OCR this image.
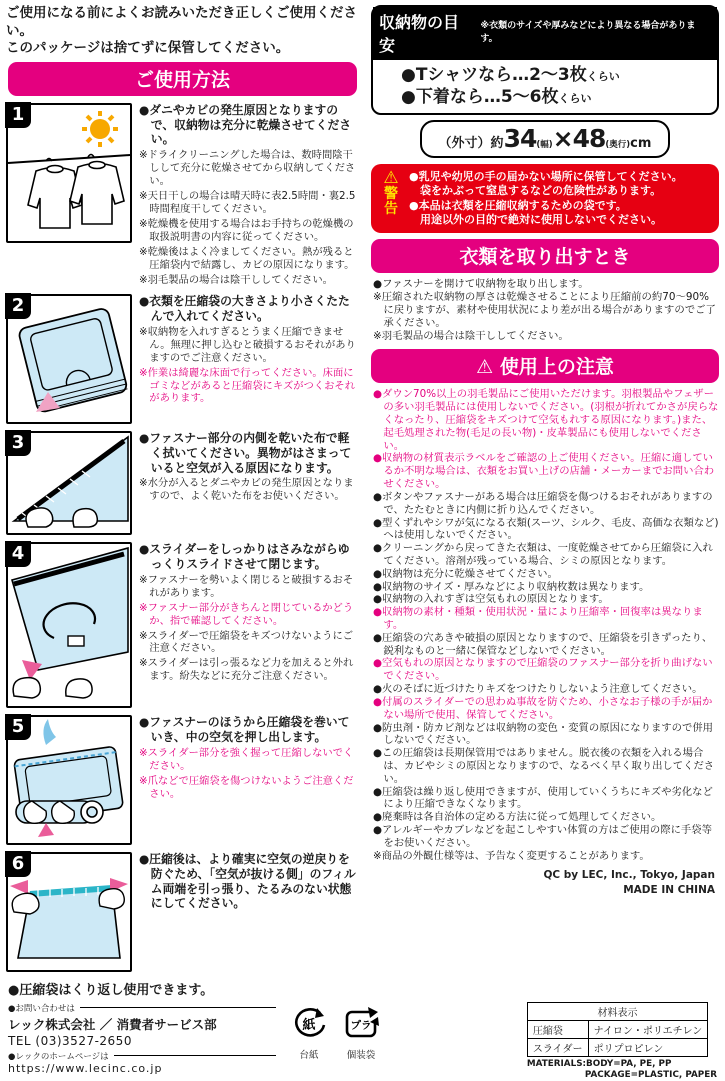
ご使用になる前によくお読みいただき正しくご使用ください。
このパッケージは捨てずに保管してください。
ご使用方法
1	●ダニやカビの発生原因となりますので、収納物は充分に乾燥させてください。
※ドライクリーニングした場合は、数時間陰干しして充分に乾燥させてから収納してください。
※天日干しの場合は晴天時に表2.5時間・裏2.5時間程度干してください。
※乾燥機を使用する場合はお手持ちの乾燥機の取扱説明書の内容に従ってください。
※乾燥後はよく冷ましてください。熱が残ると圧縮袋内で結露し、カビの原因になります。
※羽毛製品の場合は陰干ししてください。
2	●衣類を圧縮袋の大きさより小さくたたんで入れてください。
※収納物を入れすぎるとうまく圧縮できません。無理に押し込むと破損するおそれがありますのでご注意ください。
※作業は綺麗な床面で行ってください。床面にゴミなどがあると圧縮袋にキズがつくおそれがあります。
3	●ファスナー部分の内側を乾いた布で軽く拭いてください。異物がはさまっていると空気が入る原因になります。
※水分が入るとダニやカビの発生原因となりますので、よく乾いた布をお使いください。
4	●スライダーをしっかりはさみながらゆっくりスライドさせて閉じます。
※ファスナーを勢いよく閉じると破損するおそれがあります。
※ファスナー部分がきちんと閉じているかどうか、指で確認してください。
※スライダーで圧縮袋をキズつけないようにご注意ください。
※スライダーは引っ張るなど力を加えると外れます。紛失などに充分ご注意ください。
5	●ファスナーのほうから圧縮袋を巻いていき、中の空気を押し出します。
※スライダー部分を強く握って圧縮しないでください。
※爪などで圧縮袋を傷つけないようご注意ください。
6	●圧縮後は、より確実に空気の逆戻りを防ぐため、「空気が抜ける側」のフィルム両端を引っ張り、たるみのない状態にしてください。
●圧縮袋はくり返し使用できます。
収納物の目安
※衣類のサイズや厚みなどにより異なる場合があります。
●Tシャツなら…2〜3枚くらい
●下着なら…5〜6枚くらい
（外寸）約34(幅)×48(奥行)cm
⚠
警
告
●乳児や幼児の手の届かない場所に保管してください。
袋をかぶって窒息するなどの危険性があります。
●本品は衣類を圧縮収納するための袋です。
用途以外の目的で絶対に使用しないでください。
衣類を取り出すとき
●ファスナーを開けて収納物を取り出します。
※圧縮された収納物の厚さは乾燥させることにより圧縮前の約70〜90%に戻りますが、素材や使用状況により差が出る場合がありますのでご了承ください。
※羽毛製品の場合は陰干ししてください。
⚠ 使用上の注意
●ダウン70%以上の羽毛製品にご使用いただけます。羽根製品やフェザーの多い羽毛製品には使用しないでください。(羽根が折れてかさが戻らなくなったり、圧縮袋をキズつけて空気もれする原因になります。)また、起毛処理された物(毛足の長い物)・皮革製品にも使用しないでください。
●収納物の材質表示ラベルをご確認の上ご使用ください。圧縮に適しているか不明な場合は、衣類をお買い上げの店舗・メーカーまでお問い合わせください。
●ボタンやファスナーがある場合は圧縮袋を傷つけるおそれがありますので、たたむときに内側に折り込んでください。
●型くずれやシワが気になる衣類(スーツ、シルク、毛皮、高価な衣類など)へは使用しないでください。
●クリーニングから戻ってきた衣類は、一度乾燥させてから圧縮袋に入れてください。溶剤が残っている場合、シミの原因となります。
●収納物は充分に乾燥させてください。
●収納物のサイズ・厚みなどにより収納枚数は異なります。
●収納物の入れすぎは空気もれの原因となります。
●収納物の素材・種類・使用状況・量により圧縮率・回復率は異なります。
●圧縮袋の穴あきや破損の原因となりますので、圧縮袋を引きずったり、鋭利なものと一緒に保管などしないでください。
●空気もれの原因となりますので圧縮袋のファスナー部分を折り曲げないでください。
●火のそばに近づけたりキズをつけたりしないよう注意してください。
●付属のスライダーでの思わぬ事故を防ぐため、小さなお子様の手が届かない場所で使用、保管してください。
●防虫剤・防カビ剤などは収納物の変色・変質の原因になりますので併用しないでください。
●この圧縮袋は長期保管用ではありません。脱衣後の衣類を入れる場合は、カビやシミの原因となりますので、なるべく早く取り出してください。
●圧縮袋は繰り返し使用できますが、使用していくうちにキズや劣化などにより圧縮できなくなります。
●廃棄時は各自治体の定める方法に従って処理してください。
●アレルギーやカブレなどを起こしやすい体質の方はご使用の際に手袋等をお使いください。
※商品の外観仕様等は、予告なく変更することがあります。
QC by LEC, Inc., Tokyo, Japan
MADE IN CHINA
●お問い合わせは
レック株式会社 ／ 消費者サービス部
TEL (03)3527-2650
●レックのホームページは
https://www.lecinc.co.jp
紙
台紙
プラ
個装袋
材料表示	
圧縮袋	ナイロン・ポリエチレン
スライダー	ポリプロピレン
MATERIALS:BODY=PA, PE, PP
PACKAGE=PLASTIC, PAPER
